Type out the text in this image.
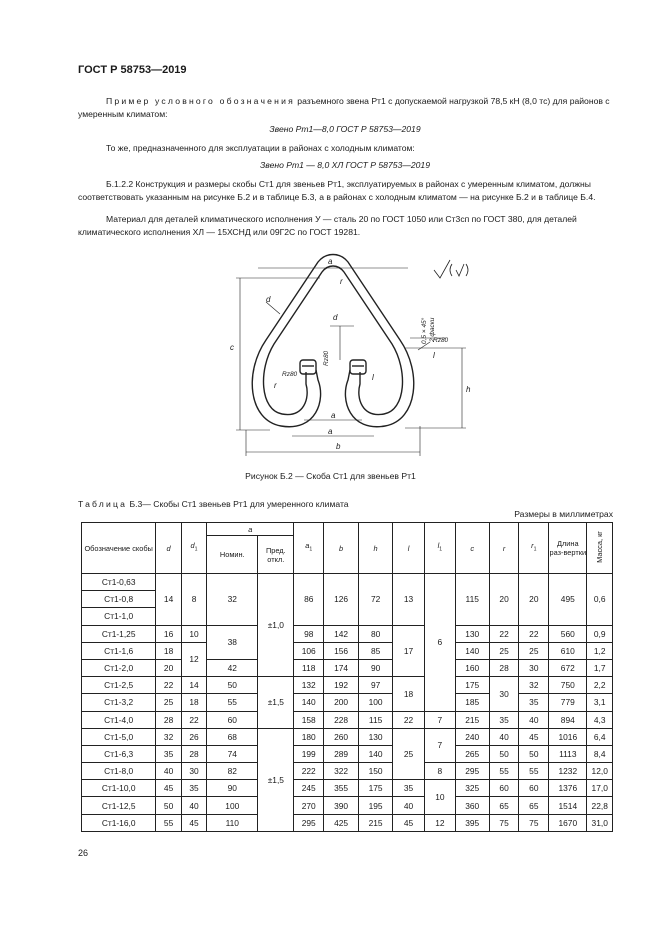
ГОСТ Р 58753—2019
Пример условного обозначения разъемного звена Рт1 с допускаемой нагрузкой 78,5 кН (8,0 тс) для районов с умеренным климатом:
Звено Рт1—8,0 ГОСТ Р 58753—2019
То же, предназначенного для эксплуатации в районах с холодным климатом:
Звено Рт1 — 8,0 ХЛ ГОСТ Р 58753—2019
Б.1.2.2 Конструкция и размеры скобы Ст1 для звеньев Рт1, эксплуатируемых в районах с умеренным климатом, должны соответствовать указанным на рисунке Б.2 и в таблице Б.3, а в районах с холодным климатом — на рисунке Б.2 и в таблице Б.4.
Материал для деталей климатического исполнения У — сталь 20 по ГОСТ 1050 или Ст3сп по ГОСТ 380, для деталей климатического исполнения ХЛ — 15ХСНД или 09Г2С по ГОСТ 19281.
c
a
d
d
a
a
b
h
l
l
r
r
Rz80
Rz80
Rz80
0,5 × 45° 2 фаски
Рисунок Б.2 — Скоба Ст1 для звеньев Рт1
Таблица Б.3— Скобы Ст1 звеньев Рт1 для умеренного климата
Размеры в миллиметрах
Обозначение скобы	d	$d_1$	a		$a_1$	b	h	l	$l_1$	c	r	$r_1$	Длина раз-вертки	Масса, кг
			Номин.	Пред. откл.										
Ст1-0,63	14	8	32	±1,0	86	126	72	13	6	115	20	20	495	0,6
Ст1-0,8														
Ст1-1,0														
Ст1-1,25	16	10	38		98	142	80	17		130	22	22	560	0,9
Ст1-1,6	18	12			106	156	85			140	25	25	610	1,2
Ст1-2,0	20		42		118	174	90			160	28	30	672	1,7
Ст1-2,5	22	14	50	±1,5	132	192	97	18		175	30	32	750	2,2
Ст1-3,2	25	18	55		140	200	100			185		35	779	3,1
Ст1-4,0	28	22	60		158	228	115	22	7	215	35	40	894	4,3
Ст1-5,0	32	26	68	±1,5	180	260	130	25	7	240	40	45	1016	6,4
Ст1-6,3	35	28	74		199	289	140			265	50	50	1113	8,4
Ст1-8,0	40	30	82		222	322	150		8	295	55	55	1232	12,0
Ст1-10,0	45	35	90		245	355	175	35	10	325	60	60	1376	17,0
Ст1-12,5	50	40	100		270	390	195	40		360	65	65	1514	22,8
Ст1-16,0	55	45	110		295	425	215	45	12	395	75	75	1670	31,0
26
